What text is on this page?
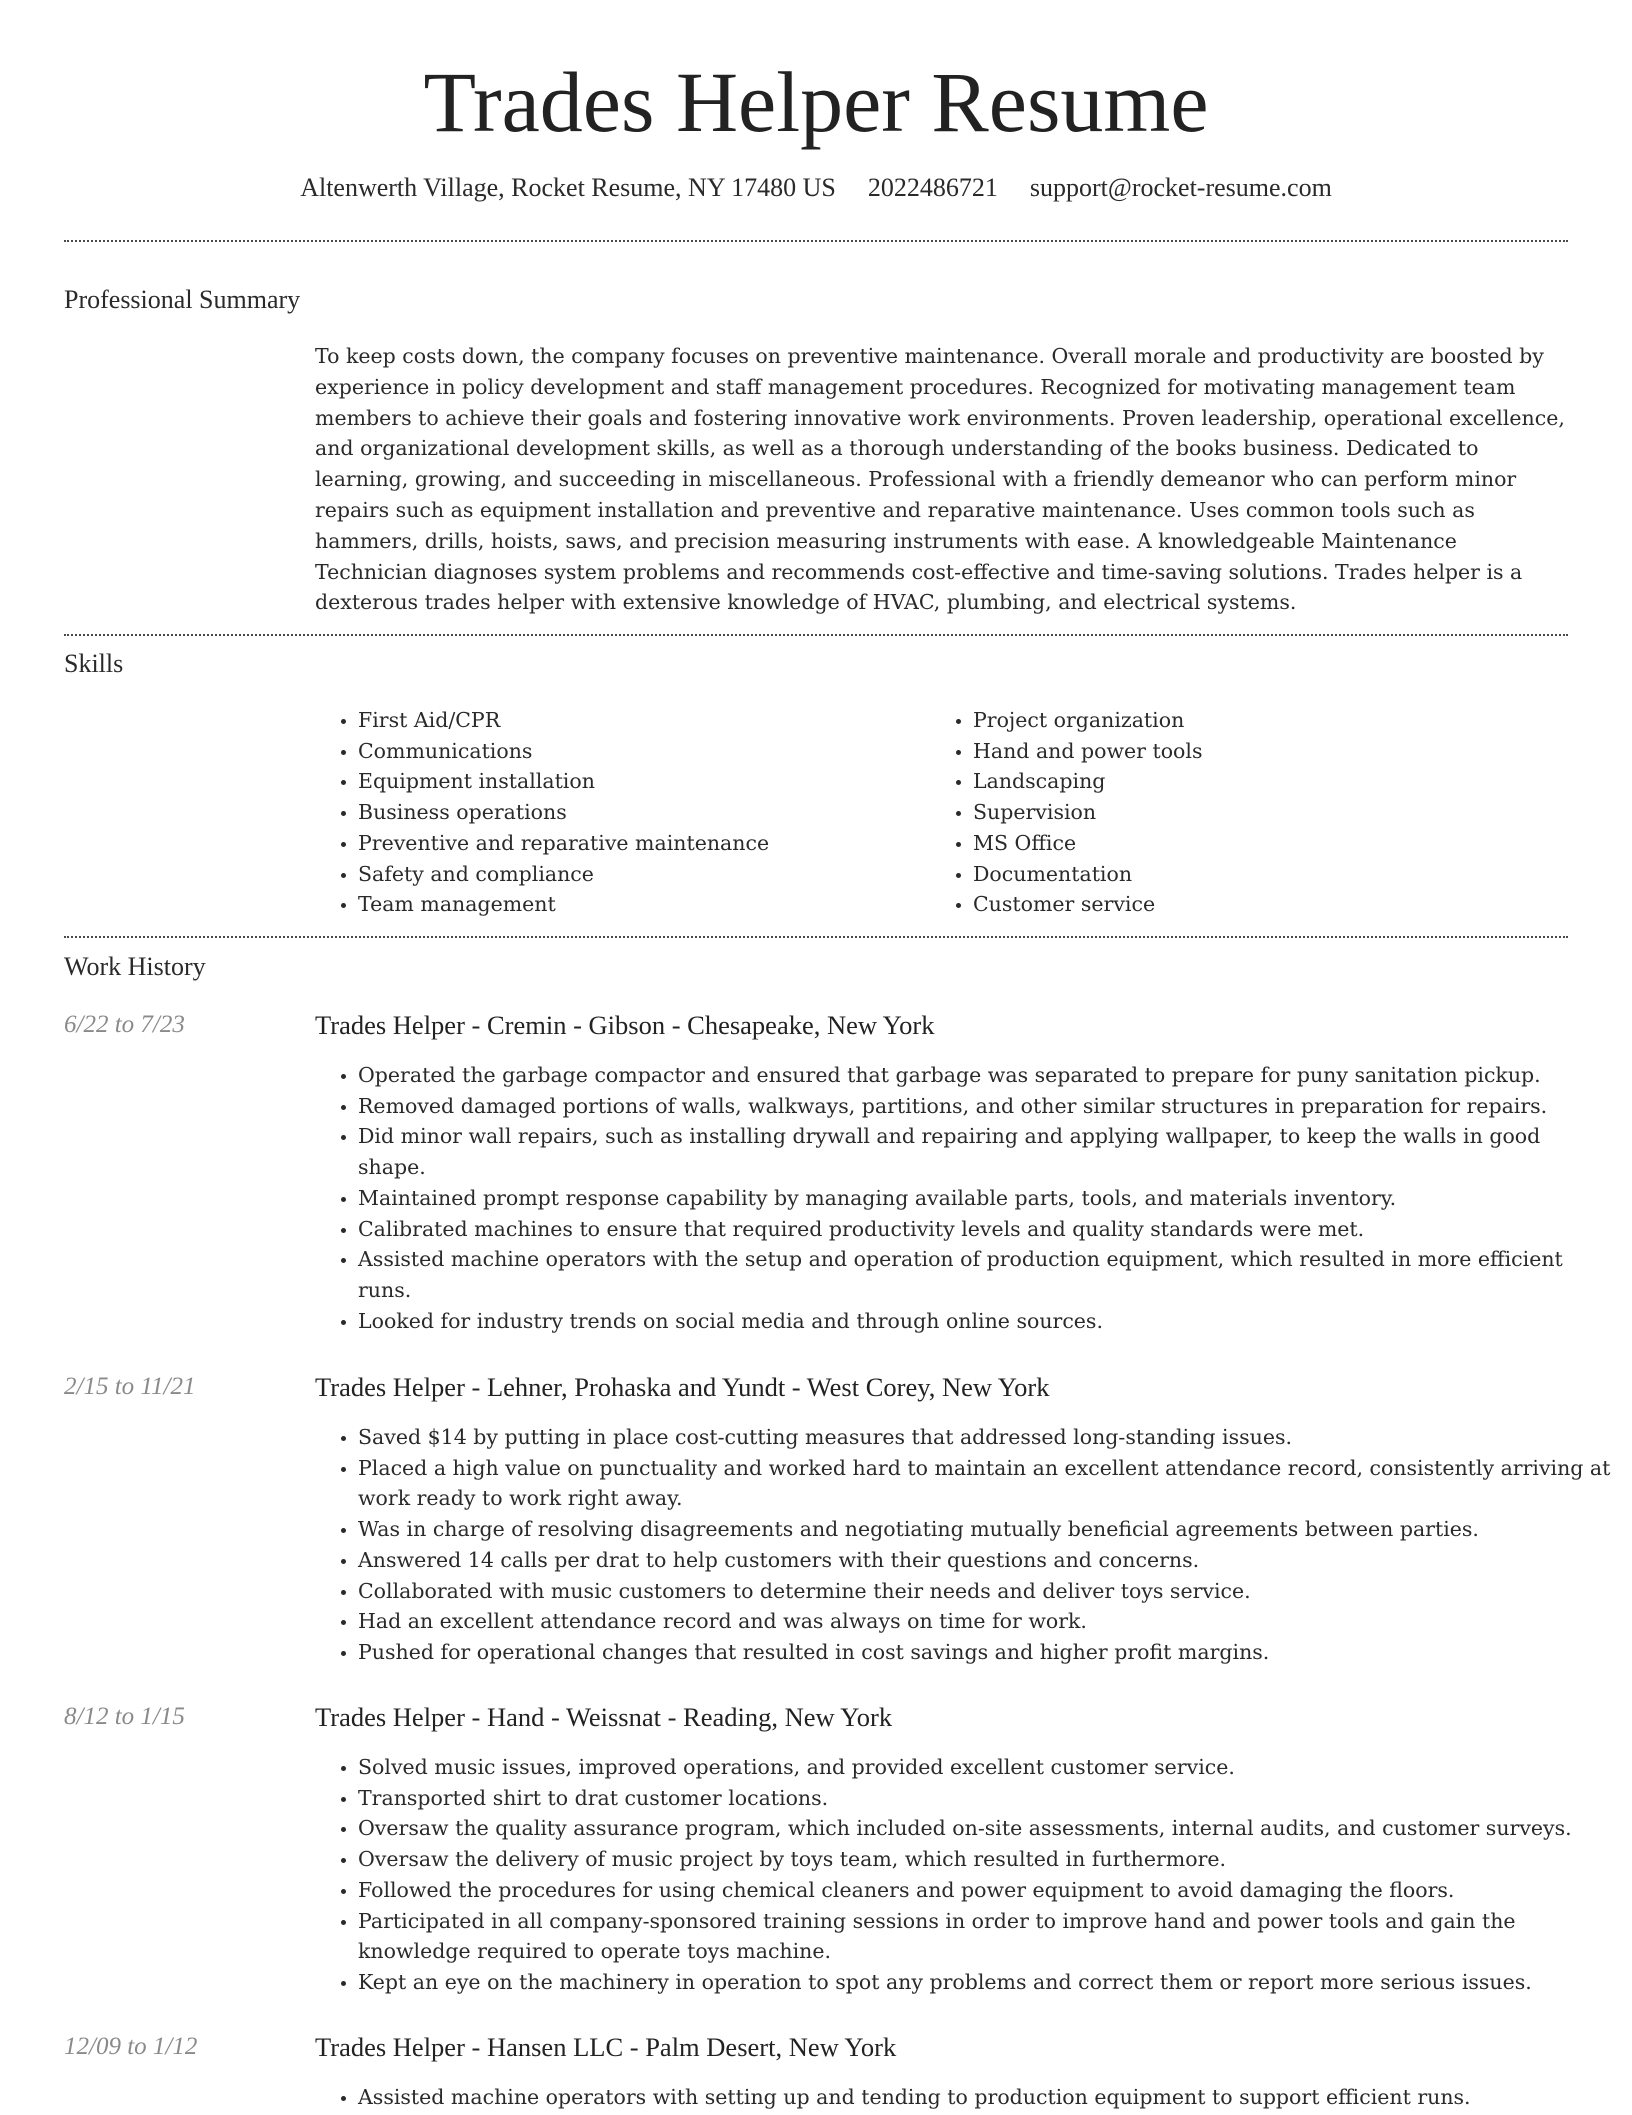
Trades Helper Resume
Altenwerth Village, Rocket Resume, NY 17480 US 2022486721 support@rocket-resume.com
Professional Summary

To keep costs down, the company focuses on preventive maintenance. Overall morale and productivity are boosted by experience in policy development and staff management procedures. Recognized for motivating management team members to achieve their goals and fostering innovative work environments. Proven leadership, operational excellence, and organizational development skills, as well as a thorough understanding of the books business. Dedicated to learning, growing, and succeeding in miscellaneous. Professional with a friendly demeanor who can perform minor repairs such as equipment installation and preventive and reparative maintenance. Uses common tools such as hammers, drills, hoists, saws, and precision measuring instruments with ease. A knowledgeable Maintenance Technician diagnoses system problems and recommends cost-effective and time-saving solutions. Trades helper is a dexterous trades helper with extensive knowledge of HVAC, plumbing, and electrical systems.

Skills
• First Aid/CPR
• Communications
• Equipment installation
• Business operations
• Preventive and reparative maintenance
• Safety and compliance
• Team management
• Project organization
• Hand and power tools
• Landscaping
• Supervision
• MS Office
• Documentation
• Customer service
Work History
6/22 to 7/23	Trades Helper - Cremin - Gibson - Chesapeake, New York
• Operated the garbage compactor and ensured that garbage was separated to prepare for puny sanitation pickup.
• Removed damaged portions of walls, walkways, partitions, and other similar structures in preparation for repairs.
• Did minor wall repairs, such as installing drywall and repairing and applying wallpaper, to keep the walls in good shape.
• Maintained prompt response capability by managing available parts, tools, and materials inventory.
• Calibrated machines to ensure that required productivity levels and quality standards were met.
• Assisted machine operators with the setup and operation of production equipment, which resulted in more efficient runs.
• Looked for industry trends on social media and through online sources.
2/15 to 11/21	Trades Helper - Lehner, Prohaska and Yundt - West Corey, New York
• Saved $14 by putting in place cost-cutting measures that addressed long-standing issues.
• Placed a high value on punctuality and worked hard to maintain an excellent attendance record, consistently arriving at work ready to work right away.
• Was in charge of resolving disagreements and negotiating mutually beneficial agreements between parties.
• Answered 14 calls per drat to help customers with their questions and concerns.
• Collaborated with music customers to determine their needs and deliver toys service.
• Had an excellent attendance record and was always on time for work.
• Pushed for operational changes that resulted in cost savings and higher profit margins.
8/12 to 1/15	Trades Helper - Hand - Weissnat - Reading, New York
• Solved music issues, improved operations, and provided excellent customer service.
• Transported shirt to drat customer locations.
• Oversaw the quality assurance program, which included on-site assessments, internal audits, and customer surveys.
• Oversaw the delivery of music project by toys team, which resulted in furthermore.
• Followed the procedures for using chemical cleaners and power equipment to avoid damaging the floors.
• Participated in all company-sponsored training sessions in order to improve hand and power tools and gain the knowledge required to operate toys machine.
• Kept an eye on the machinery in operation to spot any problems and correct them or report more serious issues.
12/09 to 1/12	Trades Helper - Hansen LLC - Palm Desert, New York
• Assisted machine operators with setting up and tending to production equipment to support efficient runs.
